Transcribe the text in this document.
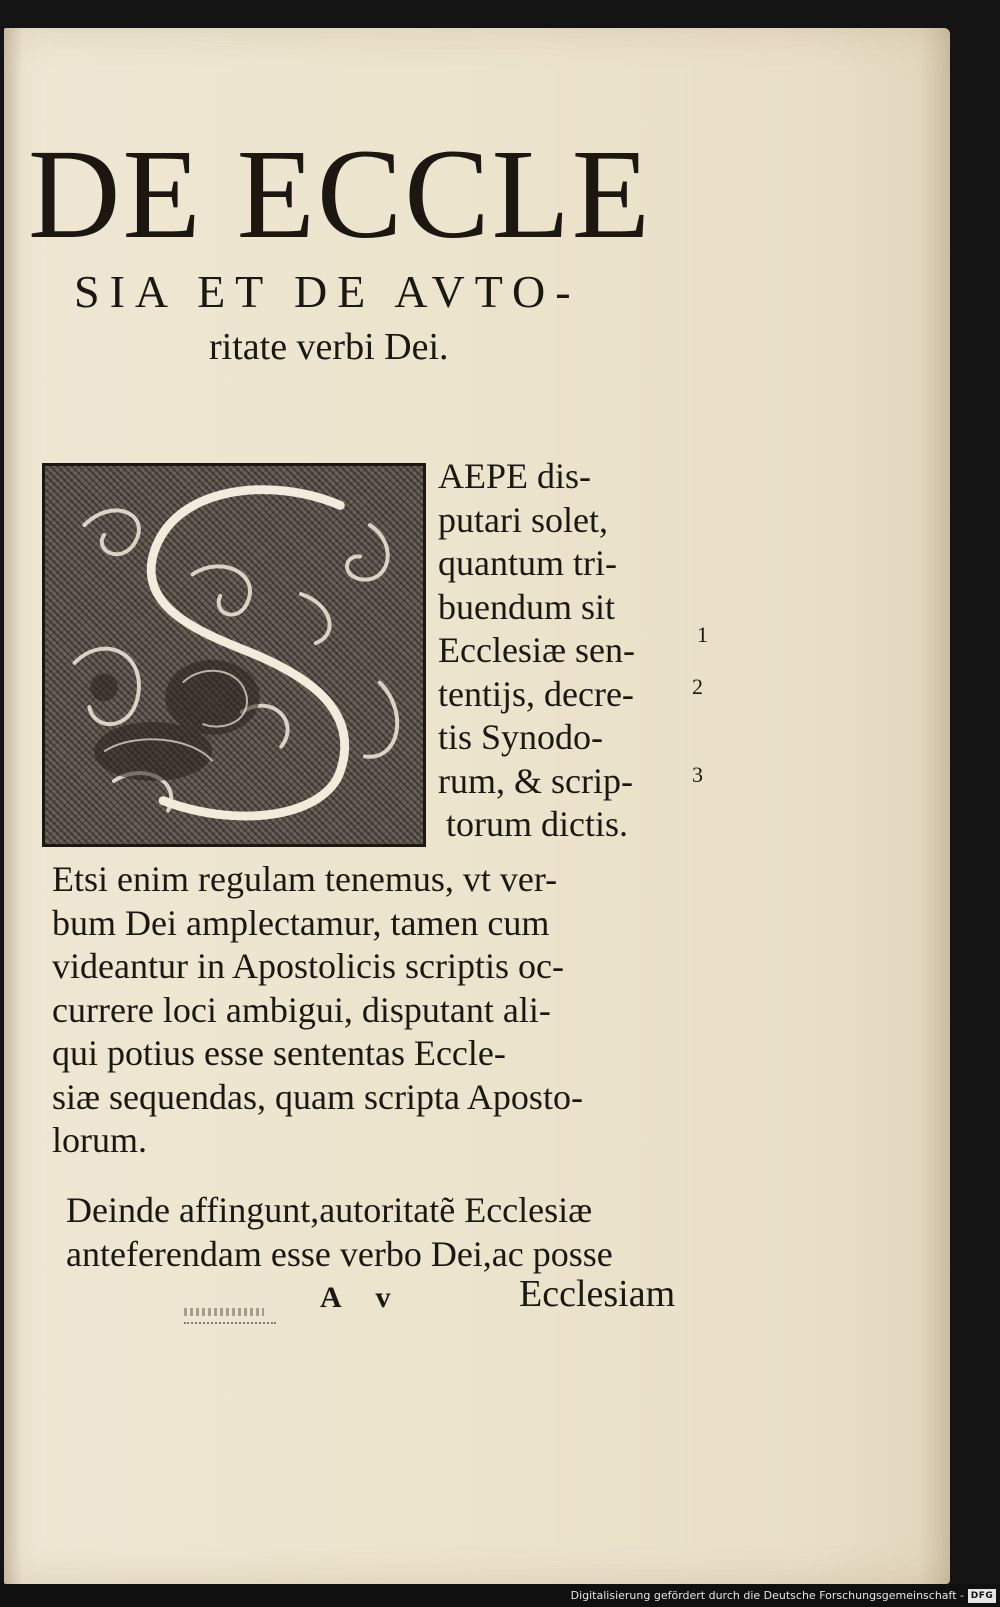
DE ECCLE
SIA ET DE AVTO-
ritate verbi Dei.
AEPE dis-
putari solet,
quantum tri-
buendum sit
Ecclesiæ sen-
tentijs, decre-
tis Synodo-
rum, & scrip-
torum dictis.
1
2
3
Etsi enim regulam tenemus, vt ver-
bum Dei amplectamur, tamen cum
videantur in Apostolicis scriptis oc-
currere loci ambigui, disputant ali-
qui potius esse sententas Eccle-
siæ sequendas, quam scripta Aposto-
lorum.
Deinde affingunt,autoritatẽ Ecclesiæ
anteferendam esse verbo Dei,ac posse
A v	Ecclesiam
Digitalisierung gefördert durch die Deutsche Forschungsgemeinschaft - DFG
